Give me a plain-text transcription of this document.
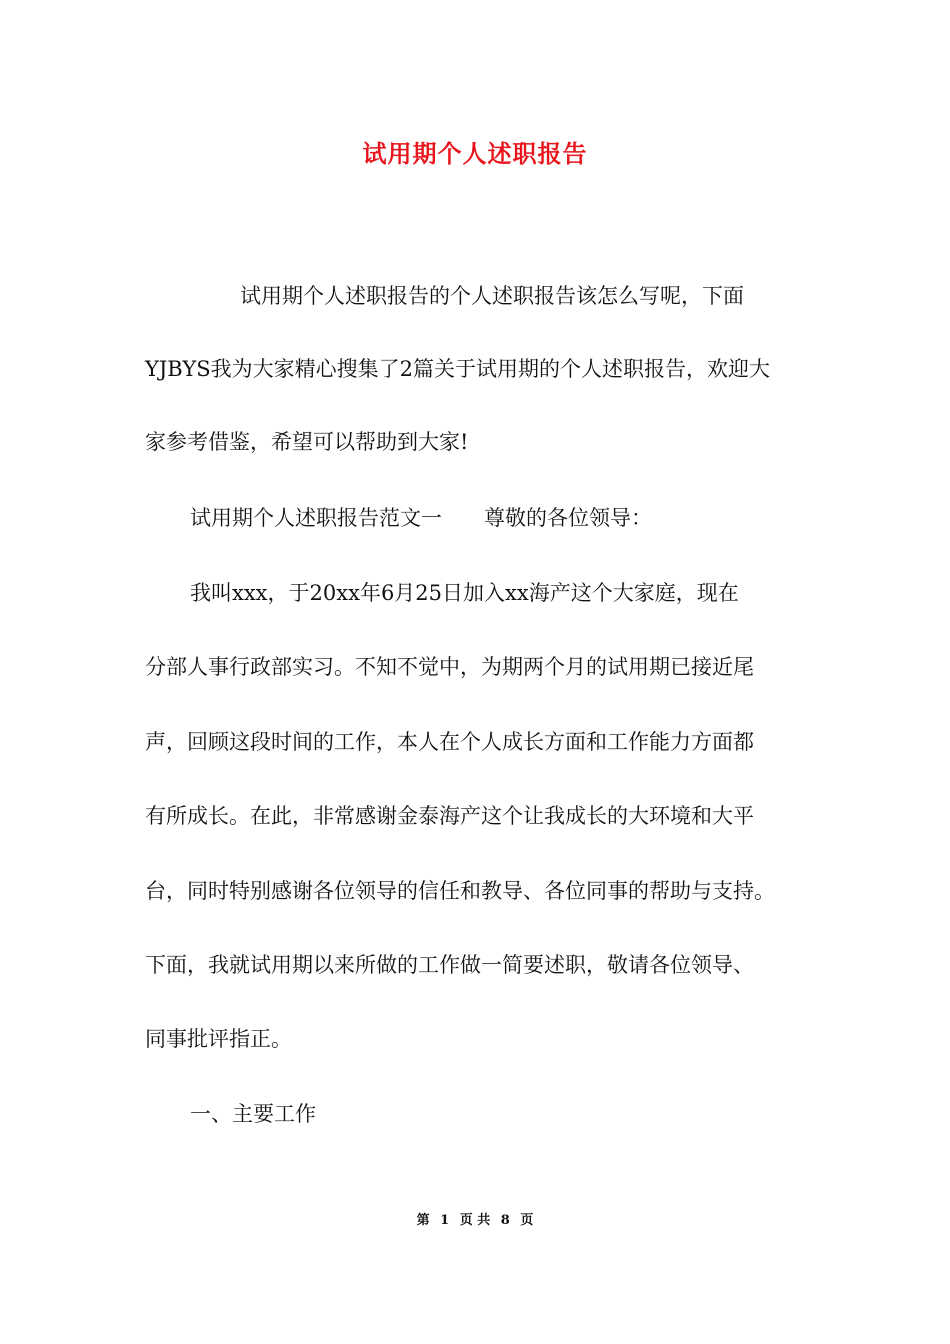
试用期个人述职报告

试用期个人述职报告的个人述职报告该怎么写呢，下面

YJBYS我为大家精心搜集了2篇关于试用期的个人述职报告，欢迎大

家参考借鉴，希望可以帮助到大家!

试用期个人述职报告范文一　　尊敬的各位领导：

我叫xxx，于20xx年6月25日加入xx海产这个大家庭，现在

分部人事行政部实习。不知不觉中，为期两个月的试用期已接近尾

声，回顾这段时间的工作，本人在个人成长方面和工作能力方面都

有所成长。在此，非常感谢金泰海产这个让我成长的大环境和大平

台，同时特别感谢各位领导的信任和教导、各位同事的帮助与支持。

下面，我就试用期以来所做的工作做一简要述职，敬请各位领导、

同事批评指正。

一、主要工作

第 1 页 共 8 页
